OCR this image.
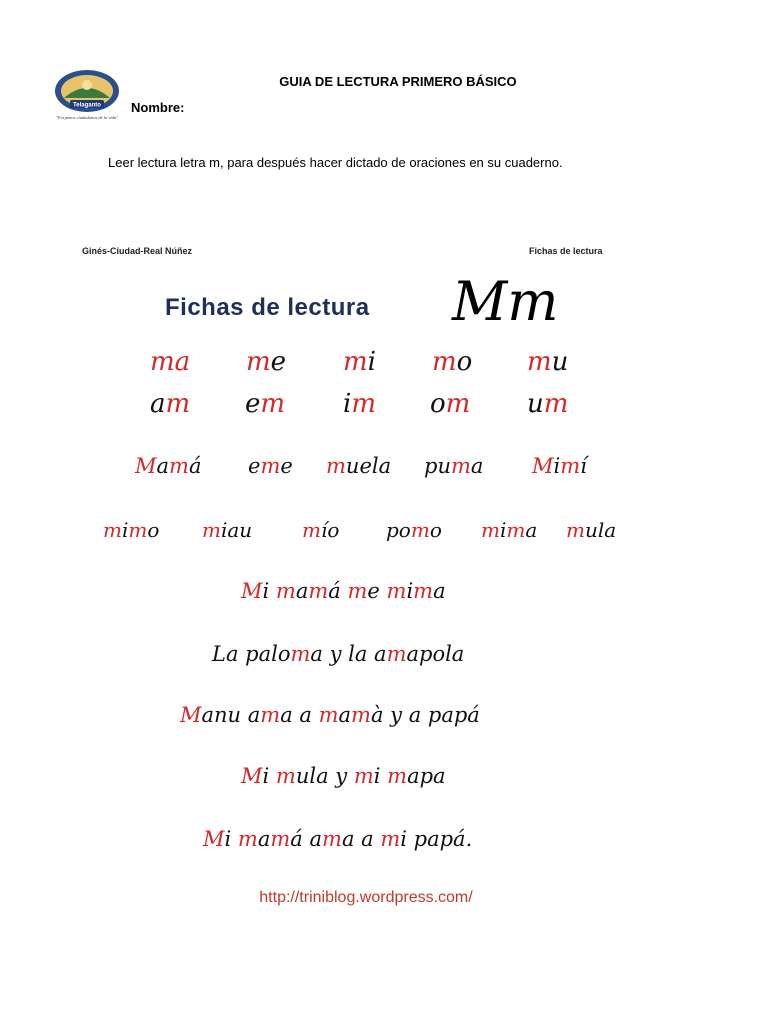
Telaganto
"Forjamos ciudadanos de la vida"
GUIA DE LECTURA PRIMERO BÁSICO
Nombre:
Leer lectura letra m, para después hacer dictado de oraciones en su cuaderno.
Ginés-Ciudad-Real Núñez	Fichas de lectura
Fichas de lectura Mm
ma me mi mo mu
am em im om um
Mamá eme muela puma Mimí
mimo miau mío pomo mima mula
Mi mamá me mima
La paloma y la amapola
Manu ama a mamà y a papá
Mi mula y mi mapa
Mi mamá ama a mi papá.
http://triniblog.wordpress.com/
